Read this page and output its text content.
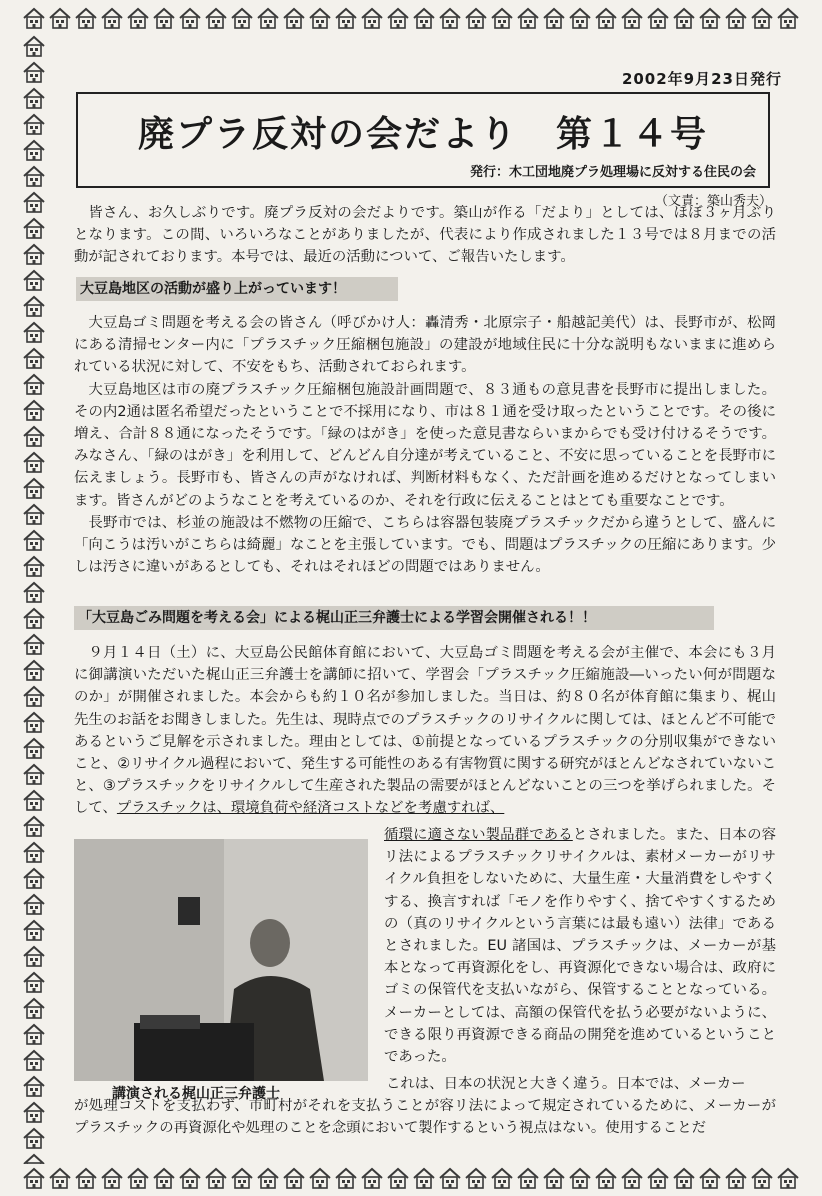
2002年9月23日発行
廃プラ反対の会だより　第１４号
発行：木工団地廃プラ処理場に反対する住民の会
（文責：築山秀夫）
皆さん、お久しぶりです。廃プラ反対の会だよりです。築山が作る「だより」としては、ほぼ３ヶ月ぶりとなります。この間、いろいろなことがありましたが、代表により作成されました１３号では８月までの活動が記されております。本号では、最近の活動について、ご報告いたします。
大豆島地区の活動が盛り上がっています！
大豆島ゴミ問題を考える会の皆さん（呼びかけ人：轟清秀・北原宗子・船越記美代）は、長野市が、松岡にある清掃センター内に「プラスチック圧縮梱包施設」の建設が地域住民に十分な説明もないままに進められている状況に対して、不安をもち、活動されておられます。
大豆島地区は市の廃プラスチック圧縮梱包施設計画問題で、８３通もの意見書を長野市に提出しました。その内2通は匿名希望だったということで不採用になり、市は８１通を受け取ったということです。その後に増え、合計８８通になったそうです。「緑のはがき」を使った意見書ならいまからでも受け付けるそうです。みなさん、「緑のはがき」を利用して、どんどん自分達が考えていること、不安に思っていることを長野市に伝えましょう。長野市も、皆さんの声がなければ、判断材料もなく、ただ計画を進めるだけとなってしまいます。皆さんがどのようなことを考えているのか、それを行政に伝えることはとても重要なことです。
長野市では、杉並の施設は不燃物の圧縮で、こちらは容器包装廃プラスチックだから違うとして、盛んに「向こうは汚いがこちらは綺麗」なことを主張しています。でも、問題はプラスチックの圧縮にあります。少しは汚さに違いがあるとしても、それはそれほどの問題ではありません。
「大豆島ごみ問題を考える会」による梶山正三弁護士による学習会開催される！！
９月１４日（土）に、大豆島公民館体育館において、大豆島ゴミ問題を考える会が主催で、本会にも３月に御講演いただいた梶山正三弁護士を講師に招いて、学習会「プラスチック圧縮施設―いったい何が問題なのか」が開催されました。本会からも約１０名が参加しました。当日は、約８０名が体育館に集まり、梶山先生のお話をお聞きしました。先生は、現時点でのプラスチックのリサイクルに関しては、ほとんど不可能であるというご見解を示されました。理由としては、①前提となっているプラスチックの分別収集ができないこと、②リサイクル過程において、発生する可能性のある有害物質に関する研究がほとんどなされていないこと、③プラスチックをリサイクルして生産された製品の需要がほとんどないことの三つを挙げられました。そして、プラスチックは、環境負荷や経済コストなどを考慮すれば、
講演される梶山正三弁護士
循環に適さない製品群であるとされました。また、日本の容リ法によるプラスチックリサイクルは、素材メーカーがリサイクル負担をしないために、大量生産・大量消費をしやすくする、換言すれば「モノを作りやすく、捨てやすくするための（真のリサイクルという言葉には最も遠い）法律」であるとされました。EU 諸国は、プラスチックは、メーカーが基本となって再資源化をし、再資源化できない場合は、政府にゴミの保管代を支払いながら、保管することとなっている。メーカーとしては、高額の保管代を払う必要がないように、できる限り再資源できる商品の開発を進めているということであった。
これは、日本の状況と大きく違う。日本では、メーカー
が処理コストを支払わず、市町村がそれを支払うことが容リ法によって規定されているために、メーカーがプラスチックの再資源化や処理のことを念頭において製作するという視点はない。使用することだ
